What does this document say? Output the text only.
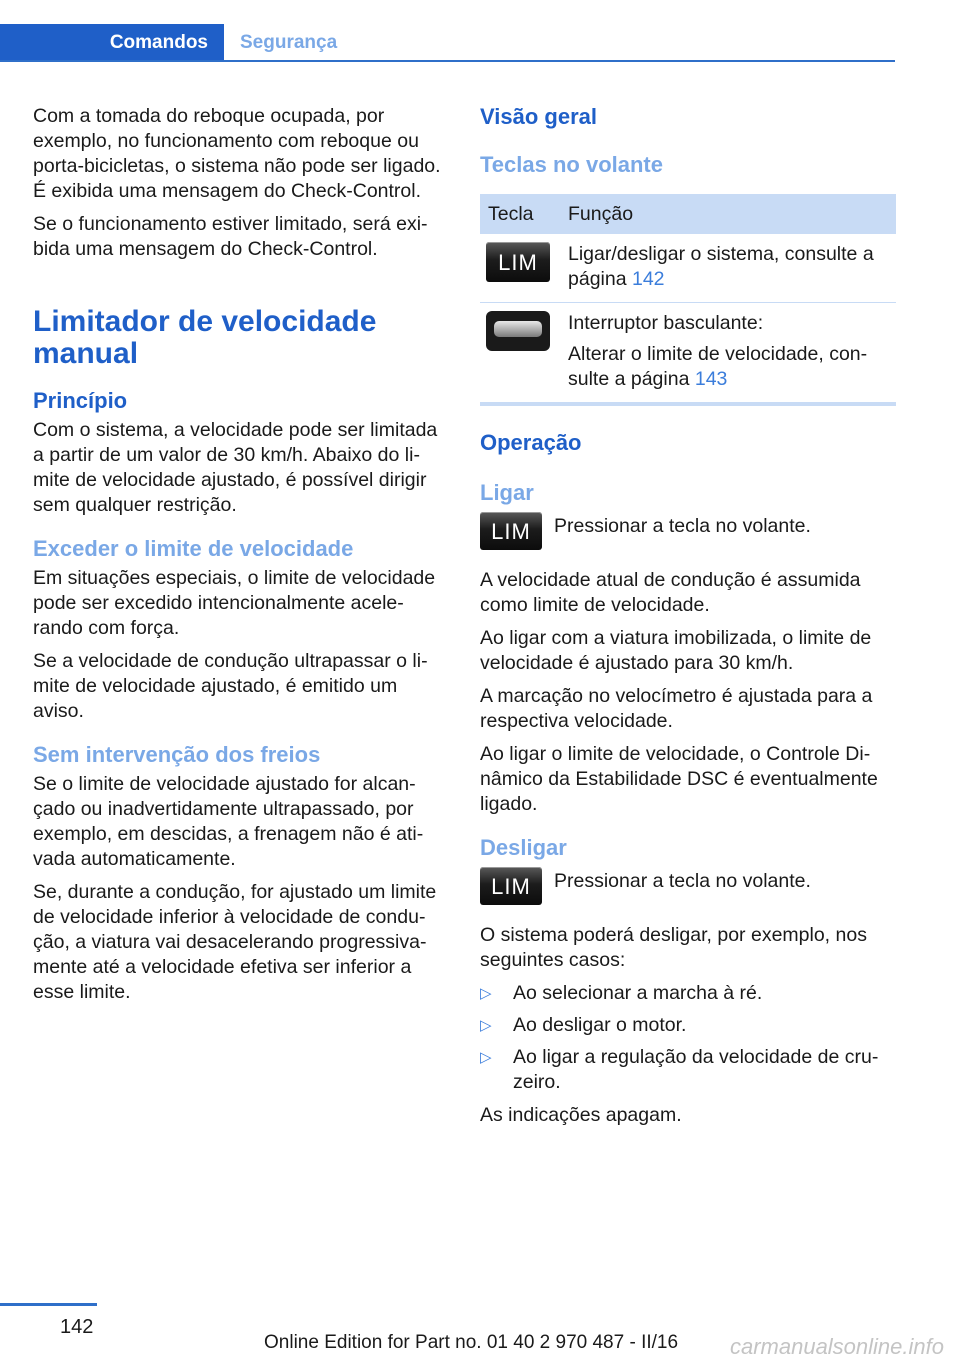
Comandos	Segurança

Com a tomada do reboque ocupada, por exemplo, no funcionamento com reboque ou porta-bicicletas, o sistema não pode ser ligado. É exibida uma mensagem do Check‑Control.

Se o funcionamento estiver limitado, será exibida uma mensagem do Check-Control.

Limitador de velocidade manual
Princípio

Com o sistema, a velocidade pode ser limitada a partir de um valor de 30 km/h. Abaixo do limite de velocidade ajustado, é possível dirigir sem qualquer restrição.

Exceder o limite de velocidade

Em situações especiais, o limite de velocidade pode ser excedido intencionalmente acelerando com força.

Se a velocidade de condução ultrapassar o limite de velocidade ajustado, é emitido um aviso.

Sem intervenção dos freios

Se o limite de velocidade ajustado for alcançado ou inadvertidamente ultrapassado, por exemplo, em descidas, a frenagem não é ativada automaticamente.

Se, durante a condução, for ajustado um limite de velocidade inferior à velocidade de condução, a viatura vai desacelerando progressivamente até a velocidade efetiva ser inferior a esse limite.

Visão geral
Teclas no volante
Tecla	Função

LIM	Ligar/desligar o sistema, consulte a página 142

	Interruptor basculante:

Alterar o limite de velocidade, consulte a página 143
Operação
Ligar
LIM	Pressionar a tecla no volante.

A velocidade atual de condução é assumida como limite de velocidade.

Ao ligar com a viatura imobilizada, o limite de velocidade é ajustado para 30 km/h.

A marcação no velocímetro é ajustada para a respectiva velocidade.

Ao ligar o limite de velocidade, o Controle Dinâmico da Estabilidade DSC é eventualmente ligado.

Desligar
LIM	Pressionar a tecla no volante.

O sistema poderá desligar, por exemplo, nos seguintes casos:

▷ Ao selecionar a marcha à ré.
▷ Ao desligar o motor.
▷ Ao ligar a regulação da velocidade de cruzeiro.

As indicações apagam.

142
Online Edition for Part no. 01 40 2 970 487 - II/16 carmanualsonline.info
